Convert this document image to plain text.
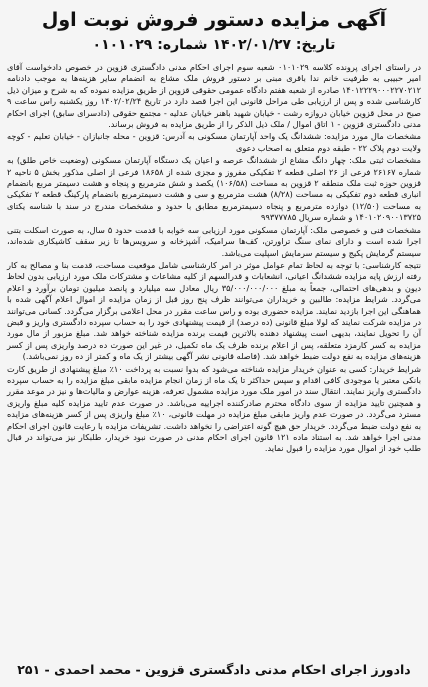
آگهی مزایده دستور فروش نوبت اول
تاریخ: ۱۴۰۲/۰۱/۲۷ شماره: ۰۱۰۱۰۲۹

در راستای اجرای پرونده کلاسه ۰۱۰۱۰۲۹ شعبه سوم اجرای احکام مدنی دادگستری قزوین در خصوص دادخواست آقای امیر حبیبی به طرفیت خانم ندا باقری مبنی بر دستور فروش ملک مشاع به انضمام سایر هزینه‌ها به موجب دادنامه ۱۴۰۱۲۲۲۹۰۰۰۲۲۷۰۲۱۲ صادره از شعبه هفتم دادگاه عمومی حقوقی قزوین از طریق مزایده نموده که به شرح و میزان ذیل کارشناسی شده و پس از ارزیابی طی مراحل قانونی این اجرا قصد دارد در تاریخ ۱۴۰۲/۰۲/۲۴ روز یکشنبه راس ساعت ۹ صبح در محل قزوین خیابان دروازه رشت - خیابان شهید باهنر خیابان عدلیه - مجتمع حقوقی (دادسرای سابق) اجرای احکام مدنی دادگستری قزوین - ۱ اتاق اموال / ملک ذیل الذکر را از طریق مزایده به فروش برساند.

مشخصات مال مورد مزایده: ششدانگ یک واحد آپارتمان مسکونی به آدرس: قزوین - محله جانبازان - خیابان تعلیم - کوچه ولایت دوم پلاک ۲۲ - طبقه دوم متعلق به اصحاب دعوی

مشخصات ثبتی ملک: چهار دانگ مشاع از ششدانگ عرصه و اعیان یک دستگاه آپارتمان مسکونی (وضعیت خاص طلق) به شماره ۲۶۱۶۷ فرعی از ۲۶ اصلی قطعه ۲ تفکیکی مفروز و مجزی شده از ۱۸۶۵۸ فرعی از اصلی مذکور بخش ۵ ناحیه ۲ قزوین حوزه ثبت ملک منطقه ۲ قزوین به مساحت (۱۰۶/۵۸) یکصد و شش مترمربع و پنجاه و هشت دسیمتر مربع بانضمام انباری قطعه دوم تفکیکی به مساحت (۸/۲۸) هشت مترمربع و سی و هشت دسیمترمربع بانضمام پارکینگ قطعه ۲ تفکیکی به مساحت (۱۲/۵۰) دوازده مترمربع و پنجاه دسیمترمربع مطابق با حدود و مشخصات مندرج در سند با شناسه یکتای ۱۴۰۱۰۲۰۹۰۰۱۳۷۲۵ و شماره سریال ۹۹۳۷۷۷۸۵

مشخصات فنی و خصوصی ملک: آپارتمان مسکونی مورد ارزیابی سه خوابه با قدمت حدود ۵ سال، به صورت اسکلت بتنی اجرا شده است و دارای نمای سنگ تراورتن، کف‌ها سرامیک، آشپزخانه و سرویس‌ها تا زیر سقف کاشیکاری شده‌اند، سیستم گرمایش پکیج و سیستم سرمایش اسپلیت می‌باشد.

نتیجه کارشناسی: با توجه به لحاظ تمام عوامل موثر در امر کارشناسی شامل موقعیت مساحت، قدمت بنا و مصالح به کار رفته ارزش پایه مزایده ششدانگ اعیانی، انشعابات و قدرالسهم از کلیه مشاعات و مشترکات ملک مورد ارزیابی بدون لحاظ دیون و بدهی‌های احتمالی، جمعاً به مبلغ ۳۵/۰۰۰/۰۰۰/۰۰۰ ریال معادل سه میلیارد و پانصد میلیون تومان برآورد و اعلام می‌گردد. شرایط مزایده: طالبین و خریداران می‌توانند ظرف پنج روز قبل از زمان مزایده از اموال اعلام آگهی شده با هماهنگی این اجرا بازدید نمایند. مزایده حضوری بوده و راس ساعت مقرر در محل اعلامی برگزار می‌گردد. کسانی می‌توانند در مزایده شرکت نمایند که لولا مبلغ قانونی (ده درصد) از قیمت پیشنهادی خود را به حساب سپرده دادگستری واریز و قبض آن را تحویل نمایند، بدیهی است پیشنهاد دهنده بالاترین قیمت برنده مزایده شناخته خواهد شد. مبلغ مزبور از مال مورد مزایده به کسر کارمزد متعلقه، پس از اعلام برنده ظرف یک ماه تکمیل، در غیر این صورت ده درصد واریزی پس از کسر هزینه‌های مزایده به نفع دولت ضبط خواهد شد. (فاصله قانونی نشر آگهی بیشتر از یک ماه و کمتر از ده روز نمی‌باشد.)

شرایط خریدار: کسی به عنوان خریدار مزایده شناخته می‌شود که بدوا نسبت به پرداخت ۱۰٪ مبلغ پیشنهادی از طریق کارت بانکی معتبر یا موجودی کافی اقدام و سپس حداکثر تا یک ماه از زمان انجام مزایده مابقی مبلغ مزایده را به حساب سپرده دادگستری واریز نمایند. انتقال سند در امور ملک مورد مزایده مشمول تعرفه، هزینه عوارض و مالیات‌ها و نیز در موعد مقرر و همچنین تایید مزایده از سوی دادگاه محترم صادرکننده اجراییه می‌باشد. در صورت عدم تایید مزایده کلیه مبلغ واریزی مسترد می‌گردد. در صورت عدم واریز مابقی مبلغ مزایده در مهلت قانونی، ۱۰٪ مبلغ واریزی پس از کسر هزینه‌های مزایده به نفع دولت ضبط می‌گردد. خریدار حق هیچ گونه اعتراضی را نخواهد داشت. تشریفات مزایده با رعایت قانون اجرای احکام مدنی اجرا خواهد شد. به استناد ماده ۱۲۱ قانون اجرای احکام مدنی در صورت نبود خریدار، طلبکار نیز می‌تواند در قبال طلب خود از اموال مورد مزایده را قبول نماید.

دادورز اجرای احکام مدنی دادگستری قزوین - محمد احمدی - ۲۵۱
